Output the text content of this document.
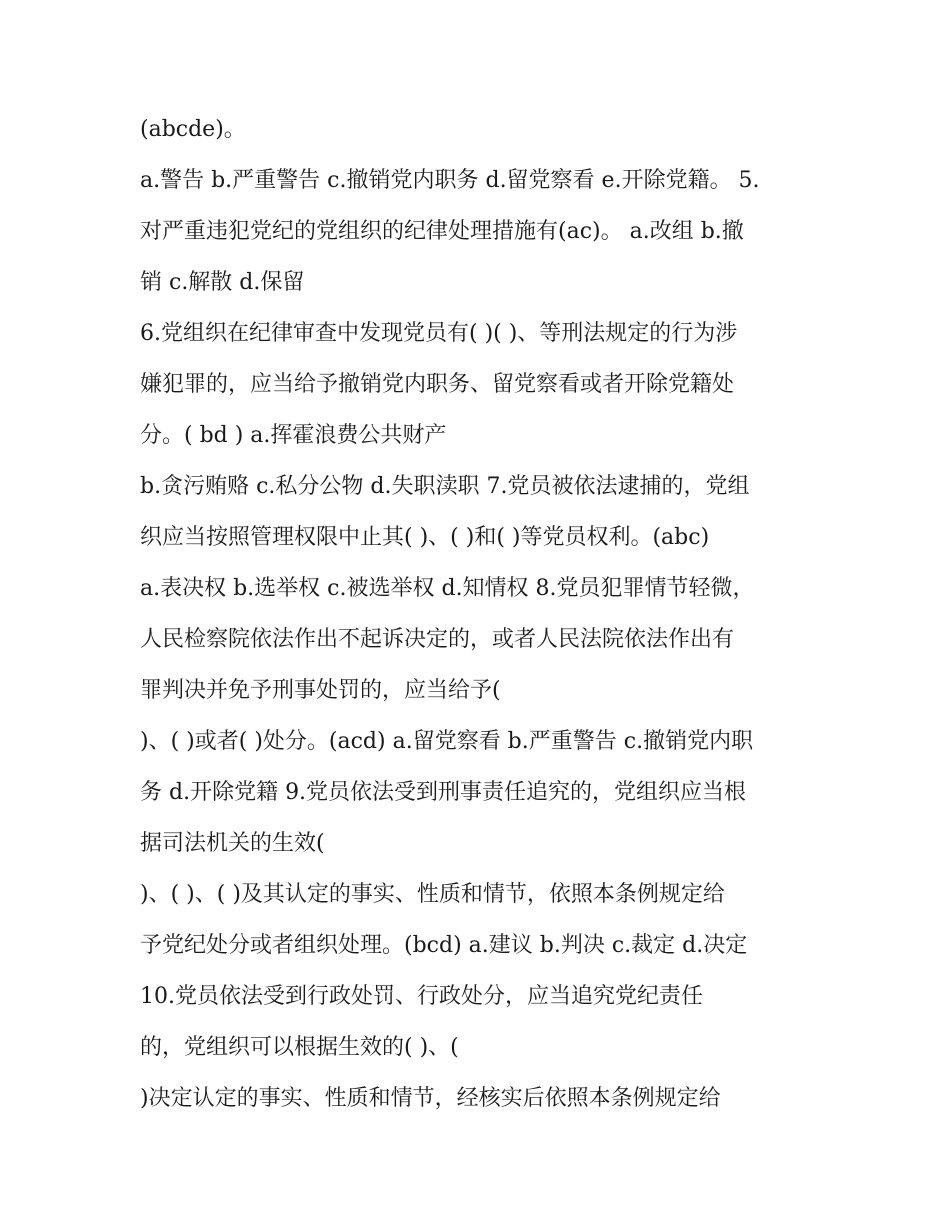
(abcde)。
a.警告 b.严重警告 c.撤销党内职务 d.留党察看 e.开除党籍。 5.
对严重违犯党纪的党组织的纪律处理措施有(ac)。 a.改组 b.撤
销 c.解散 d.保留
6.党组织在纪律审查中发现党员有( )( )、等刑法规定的行为涉
嫌犯罪的，应当给予撤销党内职务、留党察看或者开除党籍处
分。( bd ) a.挥霍浪费公共财产
b.贪污贿赂 c.私分公物 d.失职渎职 7.党员被依法逮捕的，党组
织应当按照管理权限中止其( )、( )和( )等党员权利。(abc)
a.表决权 b.选举权 c.被选举权 d.知情权 8.党员犯罪情节轻微，
人民检察院依法作出不起诉决定的，或者人民法院依法作出有
罪判决并免予刑事处罚的，应当给予(
)、( )或者( )处分。(acd) a.留党察看 b.严重警告 c.撤销党内职
务 d.开除党籍 9.党员依法受到刑事责任追究的，党组织应当根
据司法机关的生效(
)、( )、( )及其认定的事实、性质和情节，依照本条例规定给
予党纪处分或者组织处理。(bcd) a.建议 b.判决 c.裁定 d.决定
10.党员依法受到行政处罚、行政处分，应当追究党纪责任
的，党组织可以根据生效的( )、(
)决定认定的事实、性质和情节，经核实后依照本条例规定给
